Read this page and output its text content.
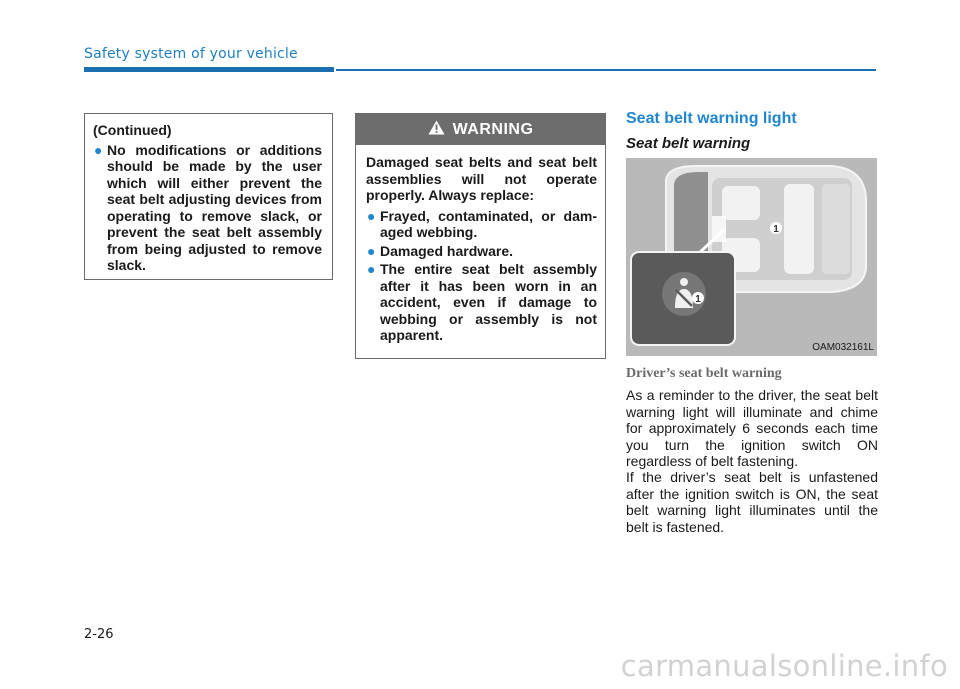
Safety system of your vehicle
(Continued)
● No modifications or additions should be made by the user which will either prevent the seat belt adjusting devices from operating to remove slack, or prevent the seat belt assembly from being adjusted to remove slack.
WARNING
Damaged seat belts and seat belt assemblies will not operate properly. Always replace:
● Frayed, contaminated, or dam-aged webbing.
● Damaged hardware.
● The entire seat belt assembly after it has been worn in an accident, even if damage to webbing or assembly is not apparent.
Seat belt warning light
Seat belt warning
1
1
OAM032161L
Driver’s seat belt warning
As a reminder to the driver, the seat belt warning light will illuminate and chime for approximately 6 seconds each time you turn the ignition switch ON regardless of belt fastening.
If the driver’s seat belt is unfastened after the ignition switch is ON, the seat belt warning light illuminates until the belt is fastened.
2-26
carmanualsonline.info
